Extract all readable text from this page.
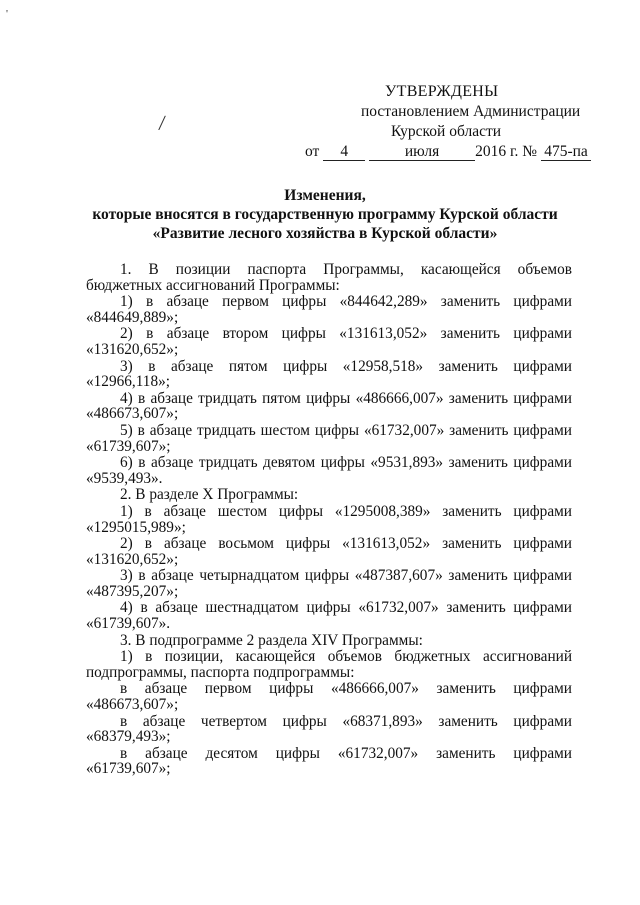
'
/
УТВЕРЖДЕНЫ
постановлением Администрации
Курской области
от 4	июля 2016 г. № 475-па
Изменения,
которые вносятся в государственную программу Курской области
«Развитие лесного хозяйства в Курской области»

1. В позиции паспорта Программы, касающейся объемов бюджетных ассигнований Программы:

1) в абзаце первом цифры «844642,289» заменить цифрами «844649,889»;

2) в абзаце втором цифры «131613,052» заменить цифрами «131620,652»;

3) в абзаце пятом цифры «12958,518» заменить цифрами «12966,118»;

4) в абзаце тридцать пятом цифры «486666,007» заменить цифрами «486673,607»;

5) в абзаце тридцать шестом цифры «61732,007» заменить цифрами «61739,607»;

6) в абзаце тридцать девятом цифры «9531,893» заменить цифрами «9539,493».

2. В разделе X Программы:

1) в абзаце шестом цифры «1295008,389» заменить цифрами «1295015,989»;

2) в абзаце восьмом цифры «131613,052» заменить цифрами «131620,652»;

3) в абзаце четырнадцатом цифры «487387,607» заменить цифрами «487395,207»;

4) в абзаце шестнадцатом цифры «61732,007» заменить цифрами «61739,607».

3. В подпрограмме 2 раздела XIV Программы:

1) в позиции, касающейся объемов бюджетных ассигнований подпрограммы, паспорта подпрограммы:

в абзаце первом цифры «486666,007» заменить цифрами «486673,607»;

в абзаце четвертом цифры «68371,893» заменить цифрами «68379,493»;

в абзаце десятом цифры «61732,007» заменить цифрами «61739,607»;
